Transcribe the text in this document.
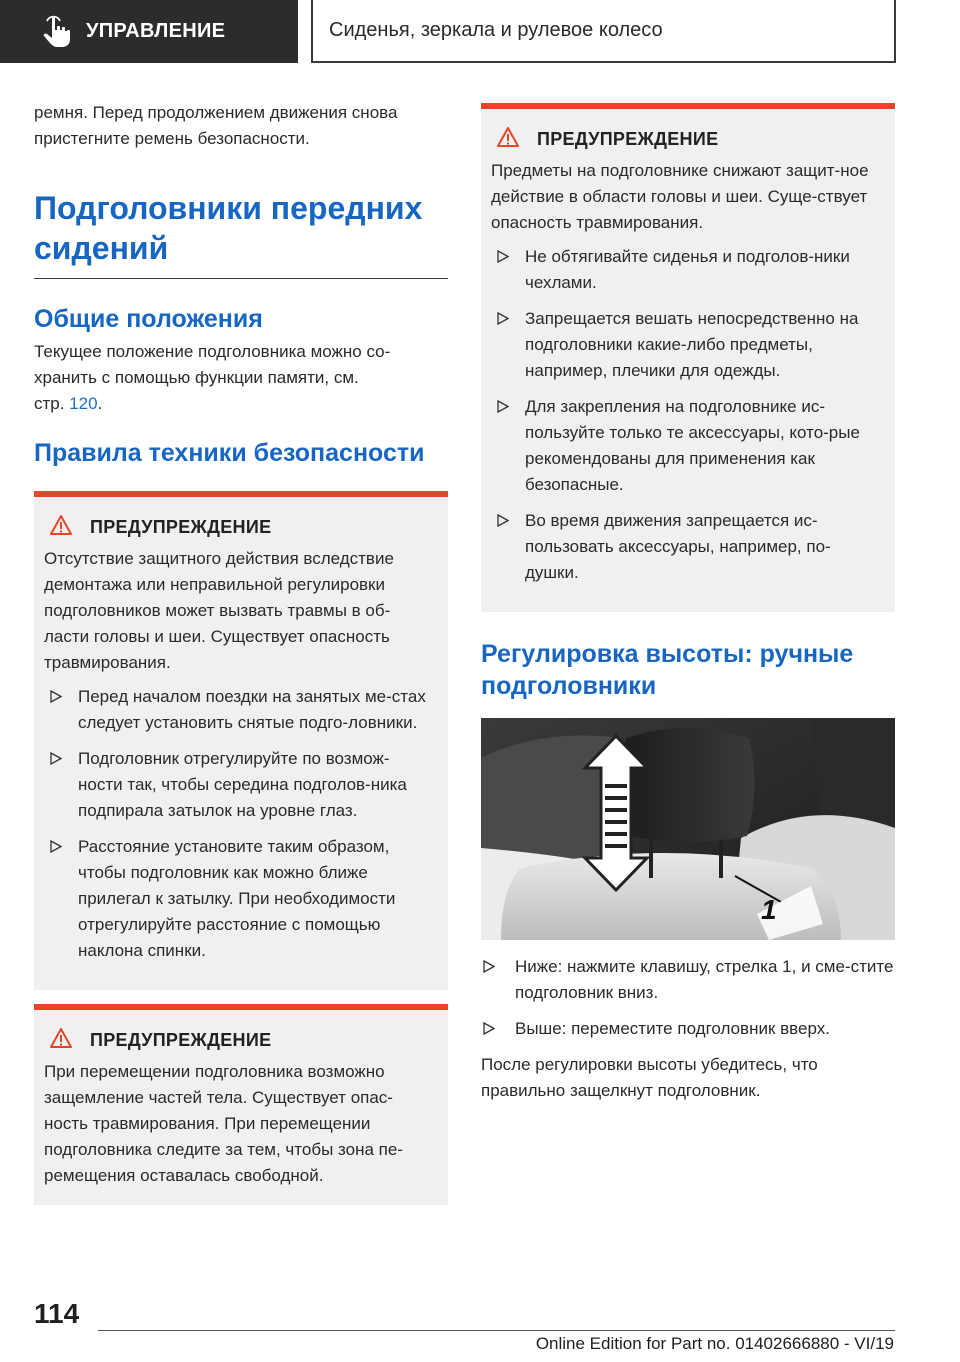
УПРАВЛЕНИЕ	Сиденья, зеркала и рулевое колесо

ремня. Перед продолжением движения снова пристегните ремень безопасности.

Подголовники передних сидений
Общие положения

Текущее положение подголовника можно со-хранить с помощью функции памяти, см.
стр. 120.

Правила техники безопасности
ПРЕДУПРЕЖДЕНИЕ

Отсутствие защитного действия вследствие демонтажа или неправильной регулировки подголовников может вызвать травмы в об-ласти головы и шеи. Существует опасность травмирования.

Перед началом поездки на занятых ме-стах следует установить снятые подго-ловники.
Подголовник отрегулируйте по возмож-ности так, чтобы середина подголов-ника подпирала затылок на уровне глаз.
Расстояние установите таким образом, чтобы подголовник как можно ближе прилегал к затылку. При необходимости отрегулируйте расстояние с помощью наклона спинки.
ПРЕДУПРЕЖДЕНИЕ

При перемещении подголовника возможно защемление частей тела. Существует опас-ность травмирования. При перемещении подголовника следите за тем, чтобы зона пе-ремещения оставалась свободной.

ПРЕДУПРЕЖДЕНИЕ

Предметы на подголовнике снижают защит-ное действие в области головы и шеи. Суще-ствует опасность травмирования.

Не обтягивайте сиденья и подголов-ники чехлами.
Запрещается вешать непосредственно на подголовники какие-либо предметы, например, плечики для одежды.
Для закрепления на подголовнике ис-пользуйте только те аксессуары, кото-рые рекомендованы для применения как безопасные.
Во время движения запрещается ис-пользовать аксессуары, например, по-душки.
Регулировка высоты: ручные подголовники
1
Ниже: нажмите клавишу, стрелка 1, и сме-стите подголовник вниз.
Выше: переместите подголовник вверх.

После регулировки высоты убедитесь, что правильно защелкнут подголовник.

114
Online Edition for Part no. 01402666880 - VI/19
